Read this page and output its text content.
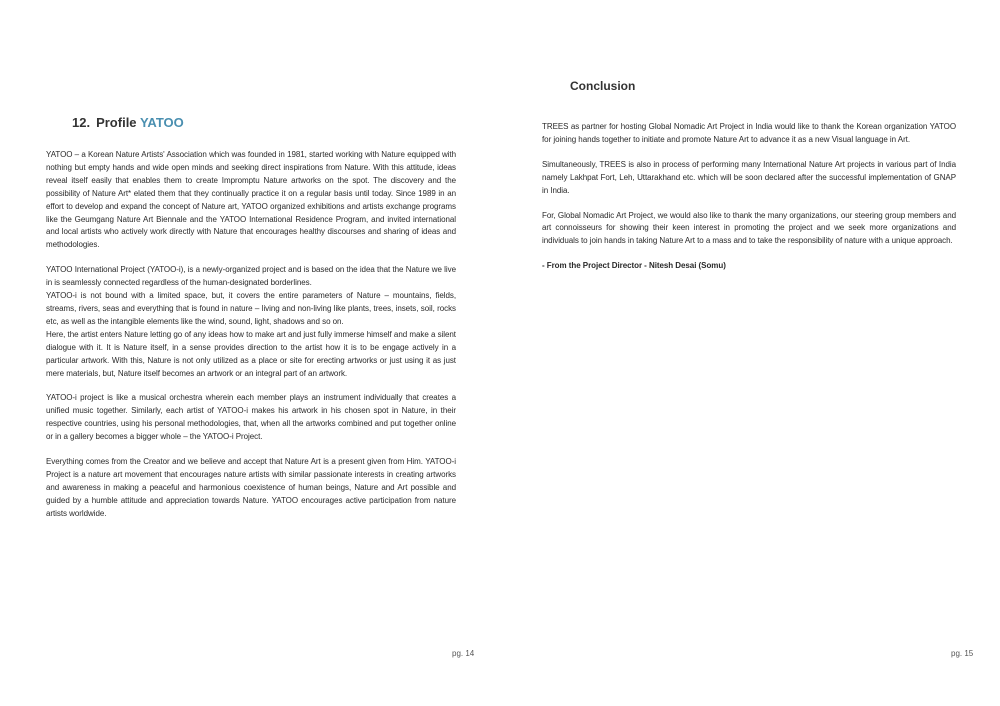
12. Profile YATOO

YATOO – a Korean Nature Artists' Association which was founded in 1981, started working with Nature equipped with nothing but empty hands and wide open minds and seeking direct inspirations from Nature. With this attitude, ideas reveal itself easily that enables them to create Impromptu Nature artworks on the spot. The discovery and the possibility of Nature Art* elated them that they continually practice it on a regular basis until today. Since 1989 in an effort to develop and expand the concept of Nature art, YATOO organized exhibitions and artists exchange programs like the Geumgang Nature Art Biennale and the YATOO International Residence Program, and invited international and local artists who actively work directly with Nature that encourages healthy discourses and sharing of ideas and methodologies.

YATOO International Project (YATOO-i), is a newly-organized project and is based on the idea that the Nature we live in is seamlessly connected regardless of the human-designated borderlines.

YATOO-i is not bound with a limited space, but, it covers the entire parameters of Nature – mountains, fields, streams, rivers, seas and everything that is found in nature – living and non-living like plants, trees, insets, soil, rocks etc, as well as the intangible elements like the wind, sound, light, shadows and so on.

Here, the artist enters Nature letting go of any ideas how to make art and just fully immerse himself and make a silent dialogue with it. It is Nature itself, in a sense provides direction to the artist how it is to be engage actively in a particular artwork. With this, Nature is not only utilized as a place or site for erecting artworks or just using it as just mere materials, but, Nature itself becomes an artwork or an integral part of an artwork.

YATOO-i project is like a musical orchestra wherein each member plays an instrument individually that creates a unified music together. Similarly, each artist of YATOO-i makes his artwork in his chosen spot in Nature, in their respective countries, using his personal methodologies, that, when all the artworks combined and put together online or in a gallery becomes a bigger whole – the YATOO-i Project.

Everything comes from the Creator and we believe and accept that Nature Art is a present given from Him. YATOO-i Project is a nature art movement that encourages nature artists with similar passionate interests in creating artworks and awareness in making a peaceful and harmonious coexistence of human beings, Nature and Art possible and guided by a humble attitude and appreciation towards Nature. YATOO encourages active participation from nature artists worldwide.

pg. 14
Conclusion

TREES as partner for hosting Global Nomadic Art Project in India would like to thank the Korean organization YATOO for joining hands together to initiate and promote Nature Art to advance it as a new Visual language in Art.

Simultaneously, TREES is also in process of performing many International Nature Art projects in various part of India namely Lakhpat Fort, Leh, Uttarakhand etc. which will be soon declared after the successful implementation of GNAP in India.

For, Global Nomadic Art Project, we would also like to thank the many organizations, our steering group members and art connoisseurs for showing their keen interest in promoting the project and we seek more organizations and individuals to join hands in taking Nature Art to a mass and to take the responsibility of nature with a unique approach.

- From the Project Director - Nitesh Desai (Somu)

pg. 15
